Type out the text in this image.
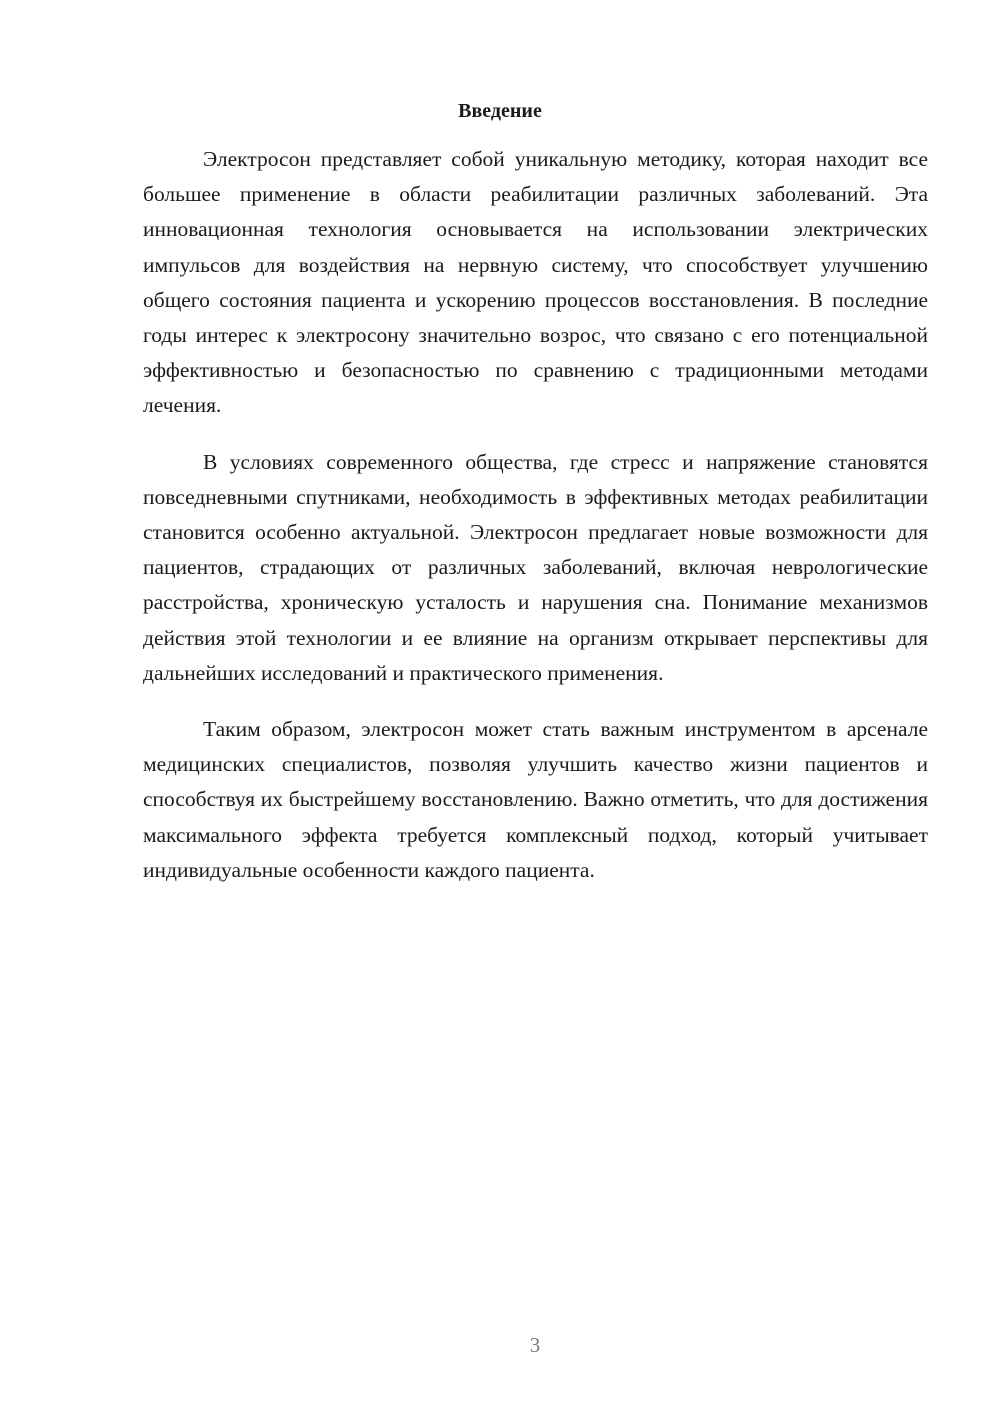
Введение

Электросон представляет собой уникальную методику, которая находит все большее применение в области реабилитации различных заболеваний. Эта инновационная технология основывается на использовании электрических импульсов для воздействия на нервную систему, что способствует улучшению общего состояния пациента и ускорению процессов восстановления. В последние годы интерес к электросону значительно возрос, что связано с его потенциальной эффективностью и безопасностью по сравнению с традиционными методами лечения.

В условиях современного общества, где стресс и напряжение становятся повседневными спутниками, необходимость в эффективных методах реабилитации становится особенно актуальной. Электросон предлагает новые возможности для пациентов, страдающих от различных заболеваний, включая неврологические расстройства, хроническую усталость и нарушения сна. Понимание механизмов действия этой технологии и ее влияние на организм открывает перспективы для дальнейших исследований и практического применения.

Таким образом, электросон может стать важным инструментом в арсенале медицинских специалистов, позволяя улучшить качество жизни пациентов и способствуя их быстрейшему восстановлению. Важно отметить, что для достижения максимального эффекта требуется комплексный подход, который учитывает индивидуальные особенности каждого пациента.

3
